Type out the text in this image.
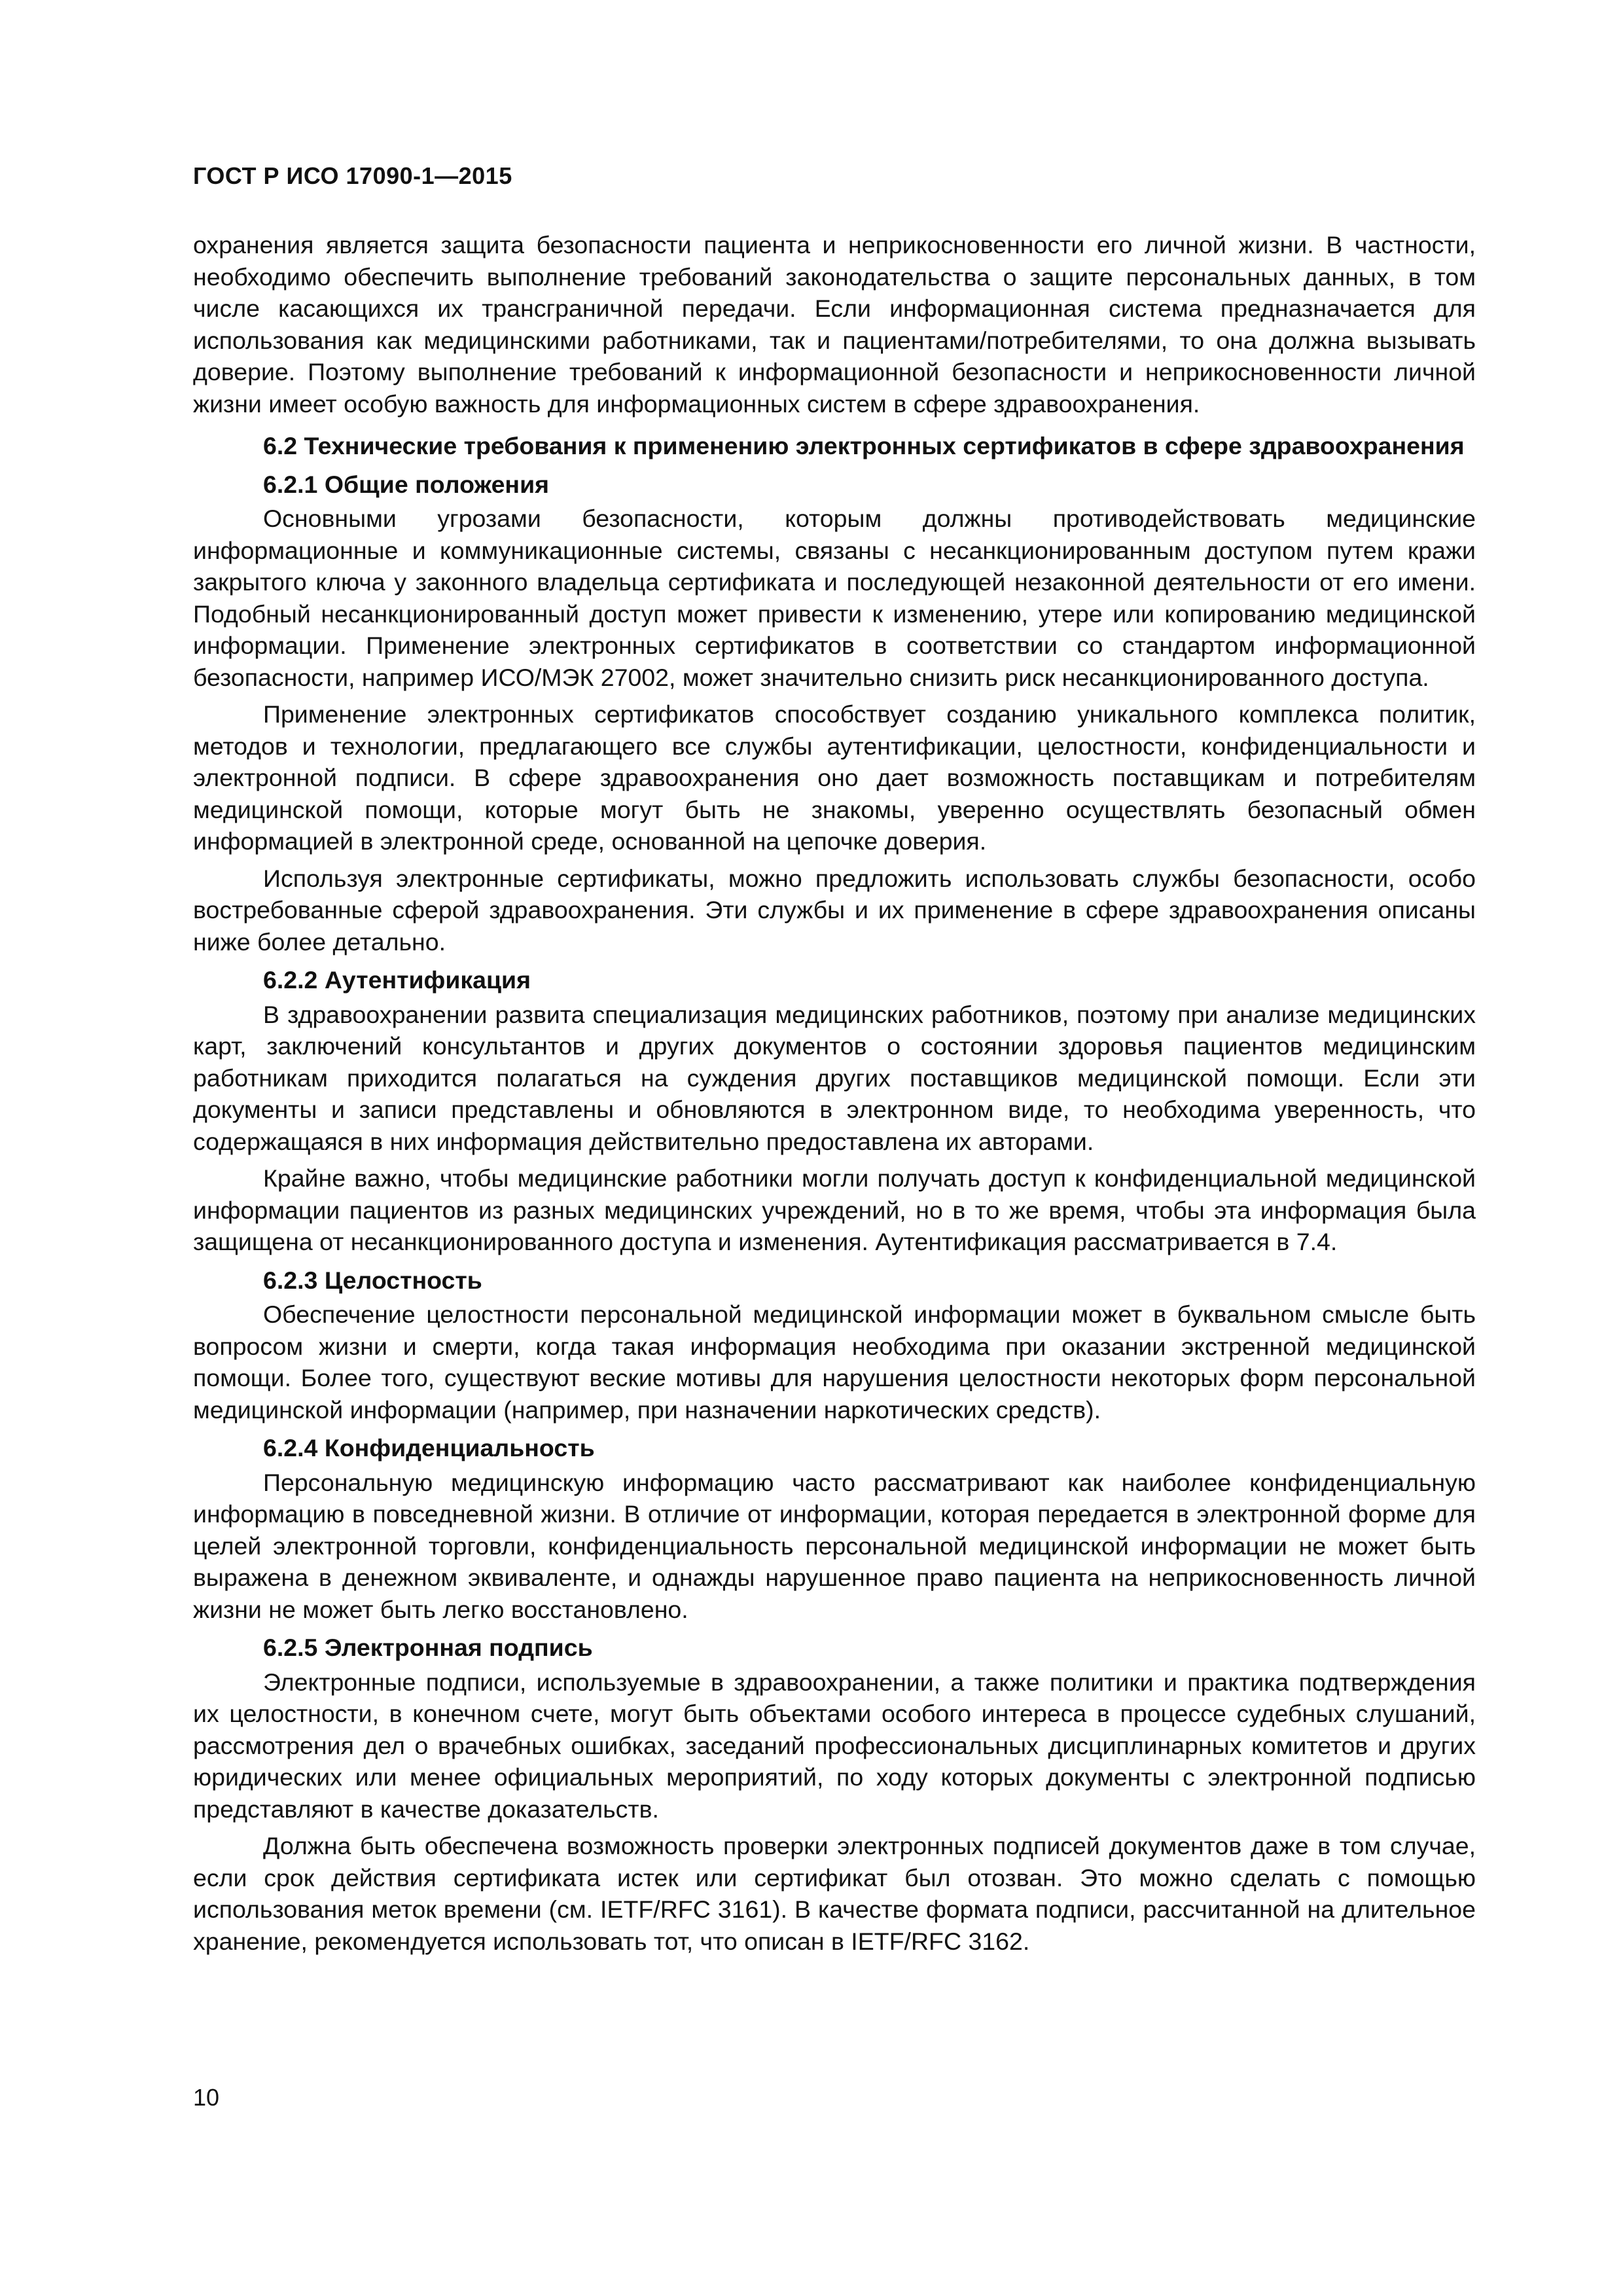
ГОСТ Р ИСО 17090-1—2015

охранения является защита безопасности пациента и неприкосновенности его личной жизни. В частности, необходимо обеспечить выполнение требований законодательства о защите персональных данных, в том числе касающихся их трансграничной передачи. Если информационная система предназначается для использования как медицинскими работниками, так и пациентами/потребителями, то она должна вызывать доверие. Поэтому выполнение требований к информационной безопасности и неприкосновенности личной жизни имеет особую важность для информационных систем в сфере здравоохранения.

6.2 Технические требования к применению электронных сертификатов в сфере здравоохранения
6.2.1 Общие положения

Основными угрозами безопасности, которым должны противодействовать медицинские информационные и коммуникационные системы, связаны с несанкционированным доступом путем кражи закрытого ключа у законного владельца сертификата и последующей незаконной деятельности от его имени. Подобный несанкционированный доступ может привести к изменению, утере или копированию медицинской информации. Применение электронных сертификатов в соответствии со стандартом информационной безопасности, например ИСО/МЭК 27002, может значительно снизить риск несанкционированного доступа.

Применение электронных сертификатов способствует созданию уникального комплекса политик, методов и технологии, предлагающего все службы аутентификации, целостности, конфиденциальности и электронной подписи. В сфере здравоохранения оно дает возможность поставщикам и потребителям медицинской помощи, которые могут быть не знакомы, уверенно осуществлять безопасный обмен информацией в электронной среде, основанной на цепочке доверия.

Используя электронные сертификаты, можно предложить использовать службы безопасности, особо востребованные сферой здравоохранения. Эти службы и их применение в сфере здравоохранения описаны ниже более детально.

6.2.2 Аутентификация

В здравоохранении развита специализация медицинских работников, поэтому при анализе медицинских карт, заключений консультантов и других документов о состоянии здоровья пациентов медицинским работникам приходится полагаться на суждения других поставщиков медицинской помощи. Если эти документы и записи представлены и обновляются в электронном виде, то необходима уверенность, что содержащаяся в них информация действительно предоставлена их авторами.

Крайне важно, чтобы медицинские работники могли получать доступ к конфиденциальной медицинской информации пациентов из разных медицинских учреждений, но в то же время, чтобы эта информация была защищена от несанкционированного доступа и изменения. Аутентификация рассматривается в 7.4.

6.2.3 Целостность

Обеспечение целостности персональной медицинской информации может в буквальном смысле быть вопросом жизни и смерти, когда такая информация необходима при оказании экстренной медицинской помощи. Более того, существуют веские мотивы для нарушения целостности некоторых форм персональной медицинской информации (например, при назначении наркотических средств).

6.2.4 Конфиденциальность

Персональную медицинскую информацию часто рассматривают как наиболее конфиденциальную информацию в повседневной жизни. В отличие от информации, которая передается в электронной форме для целей электронной торговли, конфиденциальность персональной медицинской информации не может быть выражена в денежном эквиваленте, и однажды нарушенное право пациента на неприкосновенность личной жизни не может быть легко восстановлено.

6.2.5 Электронная подпись

Электронные подписи, используемые в здравоохранении, а также политики и практика подтверждения их целостности, в конечном счете, могут быть объектами особого интереса в процессе судебных слушаний, рассмотрения дел о врачебных ошибках, заседаний профессиональных дисциплинарных комитетов и других юридических или менее официальных мероприятий, по ходу которых документы с электронной подписью представляют в качестве доказательств.

Должна быть обеспечена возможность проверки электронных подписей документов даже в том случае, если срок действия сертификата истек или сертификат был отозван. Это можно сделать с помощью использования меток времени (см. IETF/RFC 3161). В качестве формата подписи, рассчитанной на длительное хранение, рекомендуется использовать тот, что описан в IETF/RFC 3162.

10
